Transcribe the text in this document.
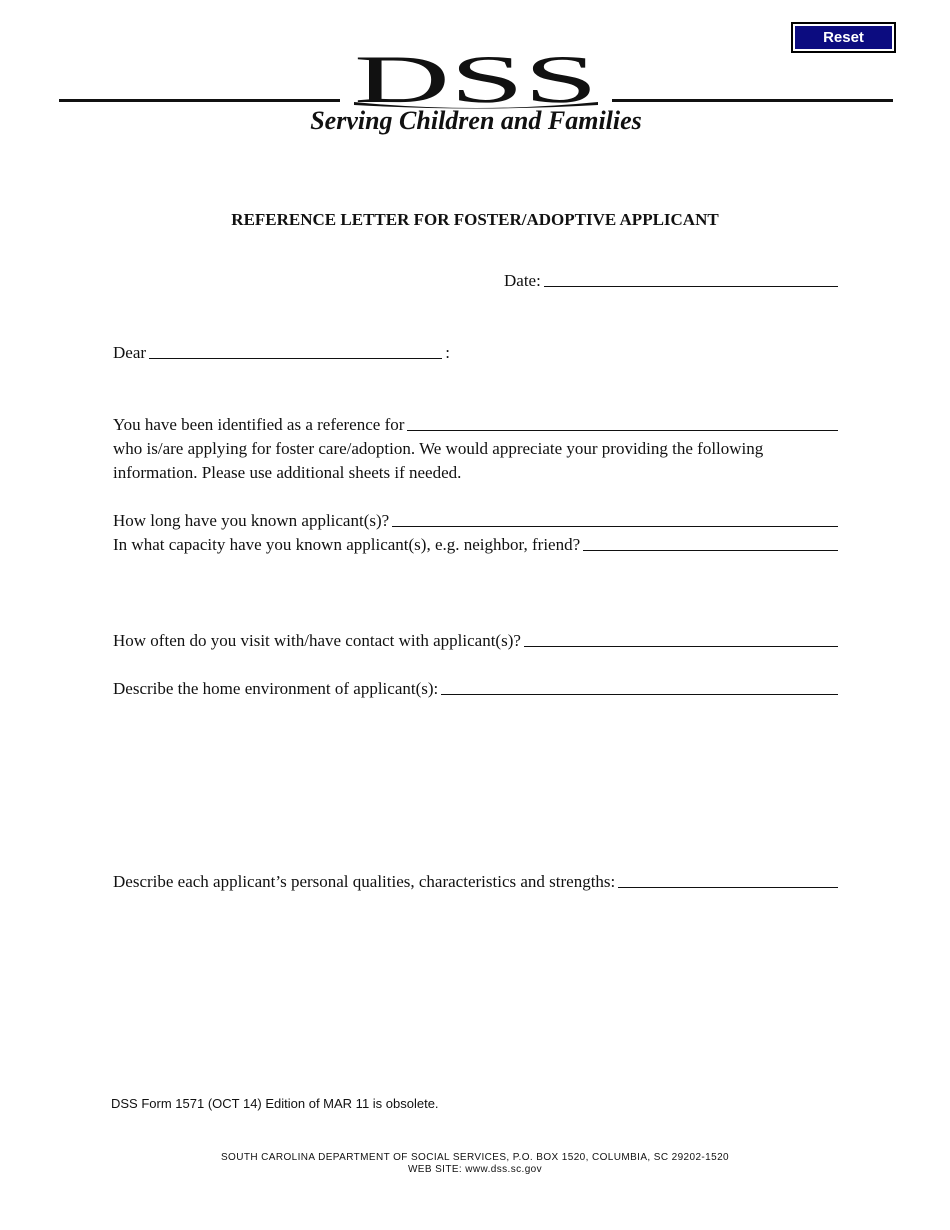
Reset
DSS
Serving Children and Families
REFERENCE LETTER FOR FOSTER/ADOPTIVE APPLICANT
Date:
Dear	:
You have been identified as a reference for
who is/are applying for foster care/adoption. We would appreciate your providing the following information. Please use additional sheets if needed.
How long have you known applicant(s)?
In what capacity have you known applicant(s), e.g. neighbor, friend?
How often do you visit with/have contact with applicant(s)?
Describe the home environment of applicant(s):
Describe each applicant’s personal qualities, characteristics and strengths:
DSS Form 1571 (OCT 14) Edition of MAR 11 is obsolete.
SOUTH CAROLINA DEPARTMENT OF SOCIAL SERVICES, P.O. BOX 1520, COLUMBIA, SC 29202-1520
WEB SITE: www.dss.sc.gov
